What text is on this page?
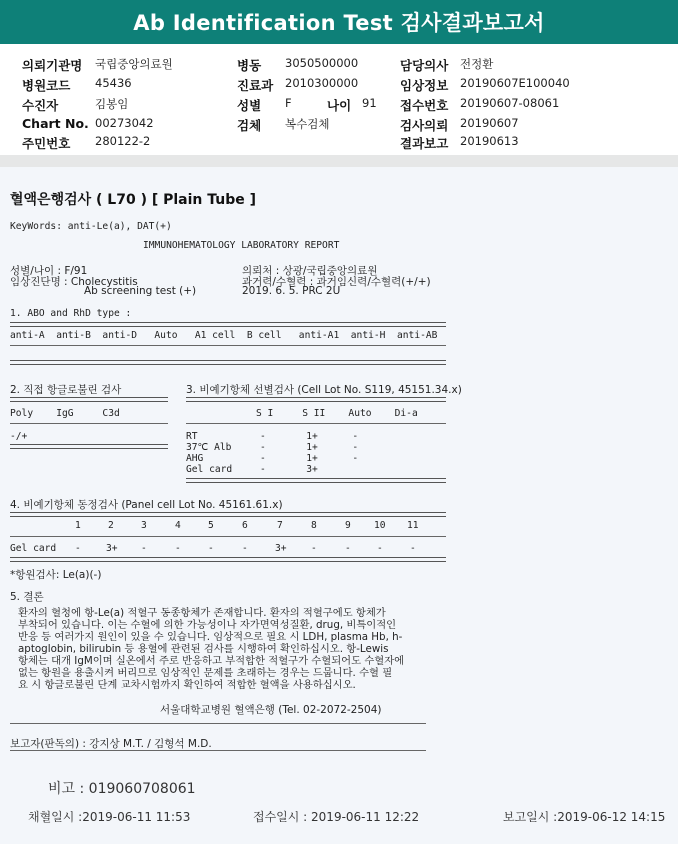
Ab Identification Test 검사결과보고서
의뢰기관명 국립중앙의료원	병동 3050500000	담당의사 전정환
병원코드 45436	진료과 2010300000	임상정보 20190607E100040
수진자	김봉임	성별 F	나이 91 접수번호 20190607-08061
Chart No. 00273042	검체 복수검체	검사의뢰 20190607
주민번호 280122-2	결과보고 20190613
혈액은행검사 ( L70 ) [ Plain Tube ]
KeyWords: anti-Le(a), DAT(+)
IMMUNOHEMATOLOGY LABORATORY REPORT
성별/나이 : F/91
임상진단명 : Cholecystitis
Ab screening test (+)
의뢰처 : 상광/국립중앙의료원
과거력/수혈력 : 과거임신력/수혈력(+/+)
2019. 6. 5. PRC 2U
1. ABO and RhD type :
anti-A  anti-B  anti-D   Auto   A1 cell  B cell   anti-A1  anti-H  anti-AB
2. 직접 항글로불린 검사
Poly    IgG     C3d
-/+
3. 비예기항체 선별검사 (Cell Lot No. S119, 45151.34.x)
S I     S II    Auto    Di-a
RT	-       1+      -
37℃ Alb	-       1+      -
AHG	-       1+      -
Gel card	-       3+
4. 비예기항체 동정검사 (Panel cell Lot No. 45161.61.x)
1	2	3	4	5	6	7	8	9 10 11
Gel card -	3+ -	-	-	-	3+	-	-	-	-
*항원검사: Le(a)(-)
5. 결론
환자의 혈청에 항-Le(a) 적혈구 동종항체가 존재합니다. 환자의 적혈구에도 항체가
부착되어 있습니다. 이는 수혈에 의한 가능성이나 자가면역성질환, drug, 비특이적인
반응 등 여러가지 원인이 있을 수 있습니다. 임상적으로 필요 시 LDH, plasma Hb, h-
aptoglobin, bilirubin 등 용혈에 관련된 검사를 시행하여 확인하십시오. 항-Lewis
항체는 대개 IgM이며 실온에서 주로 반응하고 부적합한 적혈구가 수혈되어도 수혈자에
없는 항원을 용출시켜 버리므로 임상적인 문제를 초래하는 경우는 드뭅니다. 수혈 필
요 시 항글로불린 단계 교차시험까지 확인하여 적합한 혈액을 사용하십시오.
서울대학교병원 혈액은행 (Tel. 02-2072-2504)
보고자(판독의) : 강지상 M.T. / 김형석 M.D.
비고 : 019060708061
채혈일시 :2019-06-11 11:53	접수일시 : 2019-06-11 12:22	보고일시 :2019-06-12 14:15
